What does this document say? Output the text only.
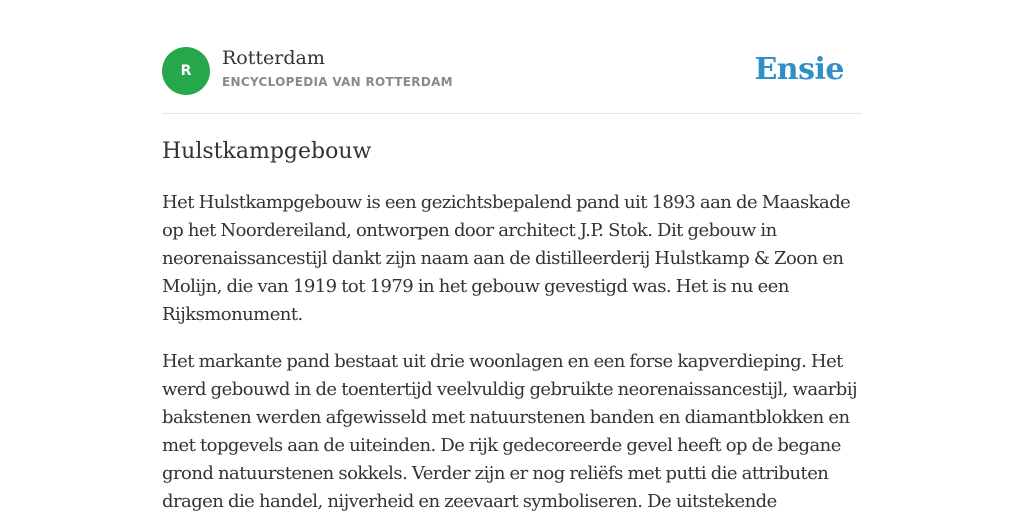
R
Rotterdam
ENCYCLOPEDIA VAN ROTTERDAM	Ensie
Hulstkampgebouw

Het Hulstkampgebouw is een gezichtsbepalend pand uit 1893 aan de Maaskade op het Noordereiland, ontworpen door architect J.P. Stok. Dit gebouw in neorenaissancestijl dankt zijn naam aan de distilleerderij Hulstkamp & Zoon en Molijn, die van 1919 tot 1979 in het gebouw gevestigd was. Het is nu een Rijksmonument.

Het markante pand bestaat uit drie woonlagen en een forse kapverdieping. Het werd gebouwd in de toentertijd veelvuldig gebruikte neorenaissancestijl, waarbij bakstenen werden afgewisseld met natuurstenen banden en diamantblokken en met topgevels aan de uiteinden. De rijk gedecoreerde gevel heeft op de begane grond natuurstenen sokkels. Verder zijn er nog reliëfs met putti die attributen dragen die handel, nijverheid en zeevaart symboliseren. De uitstekende
